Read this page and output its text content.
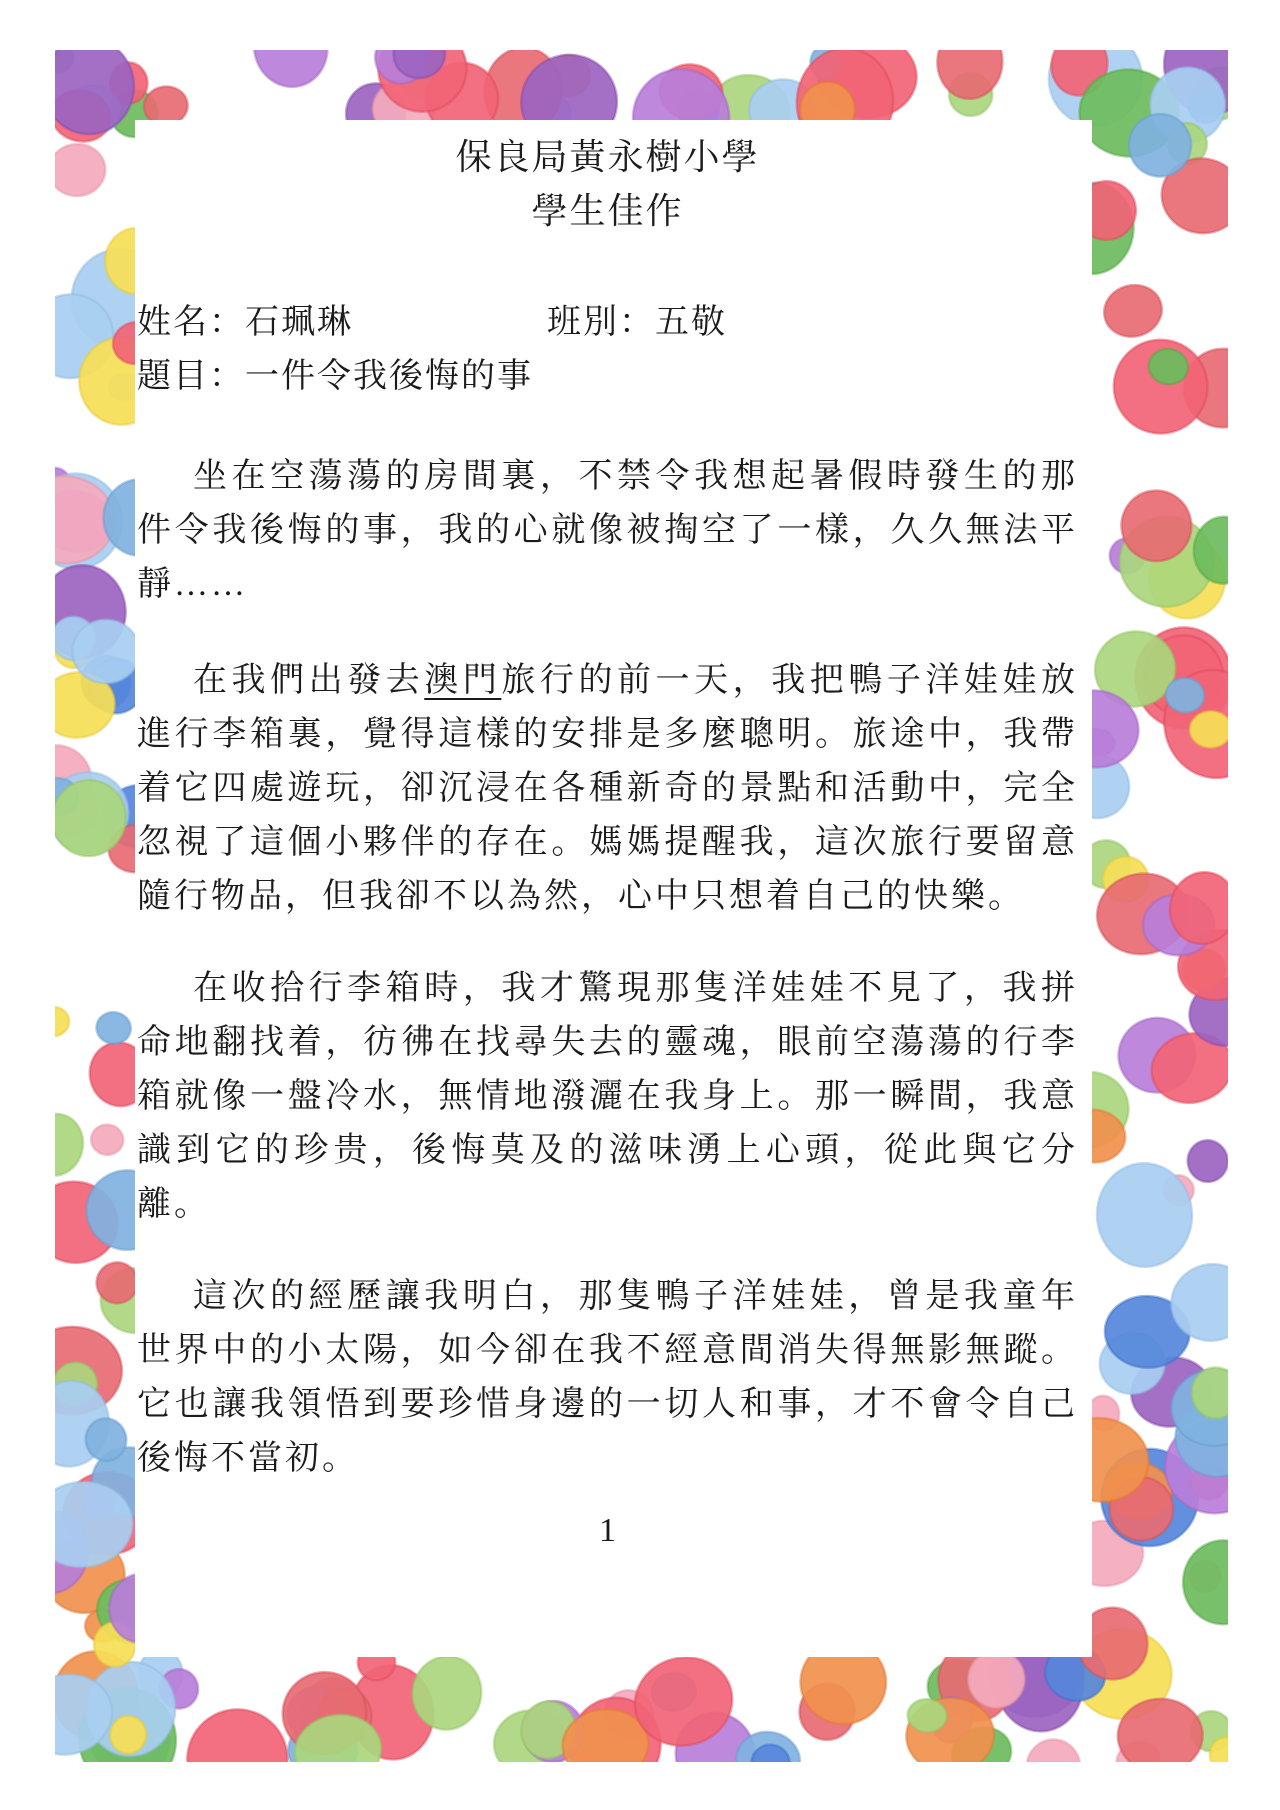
保良局黃永樹小學
學生佳作
姓名：石珮琳	班別：五敬
題目：一件令我後悔的事

坐在空蕩蕩的房間裏，不禁令我想起暑假時發生的那件令我後悔的事，我的心就像被掏空了一樣，久久無法平靜……

在我們出發去澳門旅行的前一天，我把鴨子洋娃娃放進行李箱裏，覺得這樣的安排是多麼聰明。旅途中，我帶着它四處遊玩，卻沉浸在各種新奇的景點和活動中，完全忽視了這個小夥伴的存在。媽媽提醒我，這次旅行要留意隨行物品，但我卻不以為然，心中只想着自己的快樂。

在收拾行李箱時，我才驚現那隻洋娃娃不見了，我拼命地翻找着，彷彿在找尋失去的靈魂，眼前空蕩蕩的行李箱就像一盤冷水，無情地潑灑在我身上。那一瞬間，我意識到它的珍贵，後悔莫及的滋味湧上心頭，從此與它分離。

這次的經歷讓我明白，那隻鴨子洋娃娃，曾是我童年世界中的小太陽，如今卻在我不經意間消失得無影無蹤。它也讓我領悟到要珍惜身邊的一切人和事，才不會令自己後悔不當初。

1
